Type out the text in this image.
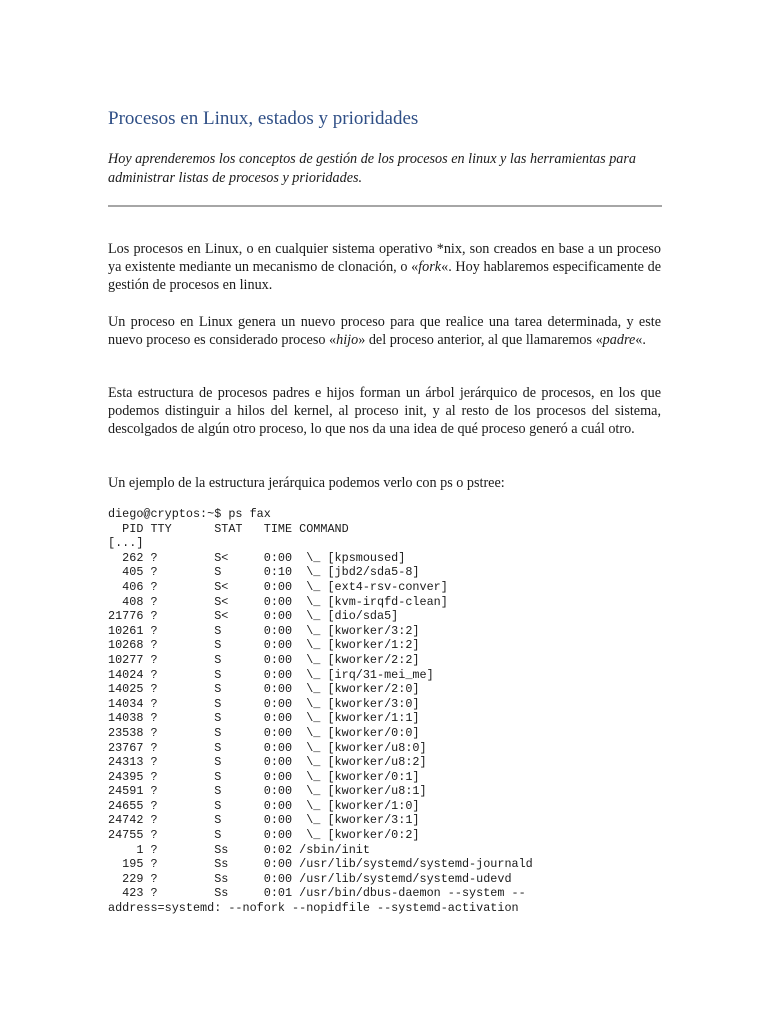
Procesos en Linux, estados y prioridades

Hoy aprenderemos los conceptos de gestión de los procesos en linux y las herramientas para administrar listas de procesos y prioridades.

Los procesos en Linux, o en cualquier sistema operativo *nix, son creados en base a un proceso ya existente mediante un mecanismo de clonación, o «fork«. Hoy hablaremos especificamente de gestión de procesos en linux.

Un proceso en Linux genera un nuevo proceso para que realice una tarea determinada, y este nuevo proceso es considerado proceso «hijo» del proceso anterior, al que llamaremos «padre«.

Esta estructura de procesos padres e hijos forman un árbol jerárquico de procesos, en los que podemos distinguir a hilos del kernel, al proceso init, y al resto de los procesos del sistema, descolgados de algún otro proceso, lo que nos da una idea de qué proceso generó a cuál otro.

Un ejemplo de la estructura jerárquica podemos verlo con ps o pstree:

diego@cryptos:~$ ps fax
PID TTY      STAT   TIME COMMAND
[...]
262 ?        S<     0:00  \_ [kpsmoused]
405 ?        S      0:10  \_ [jbd2/sda5-8]
406 ?        S<     0:00  \_ [ext4-rsv-conver]
408 ?        S<     0:00  \_ [kvm-irqfd-clean]
21776 ?        S<     0:00  \_ [dio/sda5]
10261 ?        S      0:00  \_ [kworker/3:2]
10268 ?        S      0:00  \_ [kworker/1:2]
10277 ?        S      0:00  \_ [kworker/2:2]
14024 ?        S      0:00  \_ [irq/31-mei_me]
14025 ?        S      0:00  \_ [kworker/2:0]
14034 ?        S      0:00  \_ [kworker/3:0]
14038 ?        S      0:00  \_ [kworker/1:1]
23538 ?        S      0:00  \_ [kworker/0:0]
23767 ?        S      0:00  \_ [kworker/u8:0]
24313 ?        S      0:00  \_ [kworker/u8:2]
24395 ?        S      0:00  \_ [kworker/0:1]
24591 ?        S      0:00  \_ [kworker/u8:1]
24655 ?        S      0:00  \_ [kworker/1:0]
24742 ?        S      0:00  \_ [kworker/3:1]
24755 ?        S      0:00  \_ [kworker/0:2]
1 ?        Ss     0:02 /sbin/init
195 ?        Ss     0:00 /usr/lib/systemd/systemd-journald
229 ?        Ss     0:00 /usr/lib/systemd/systemd-udevd
423 ?        Ss     0:01 /usr/bin/dbus-daemon --system --
address=systemd: --nofork --nopidfile --systemd-activation
